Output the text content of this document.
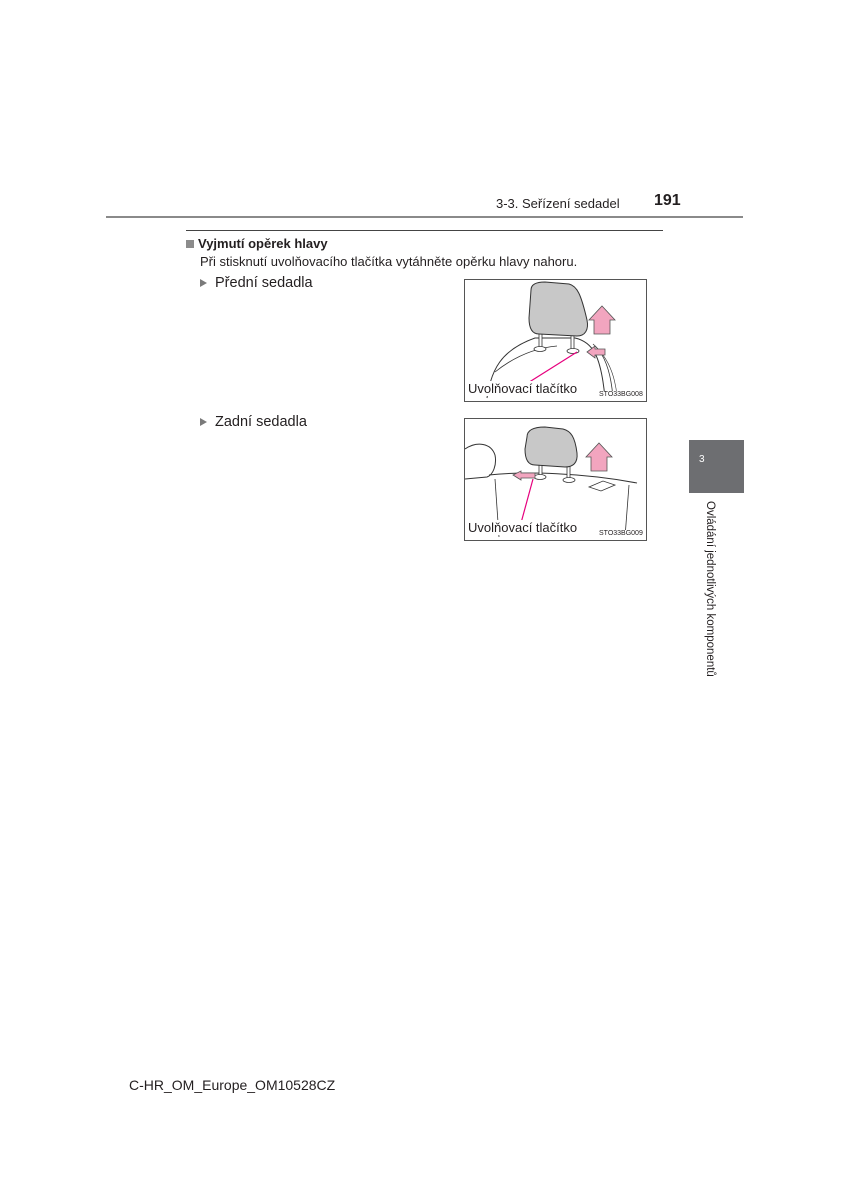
3-3. Seřízení sedadel 191
Vyjmutí opěrek hlavy
Při stisknutí uvolňovacího tlačítka vytáhněte opěrku hlavy nahoru.
Přední sedadla
Uvolňovací tlačítko	STO33BG008
Zadní sedadla
Uvolňovací tlačítko	STO33BG009
3
Ovládání jednotlivých komponentů
C-HR_OM_Europe_OM10528CZ
